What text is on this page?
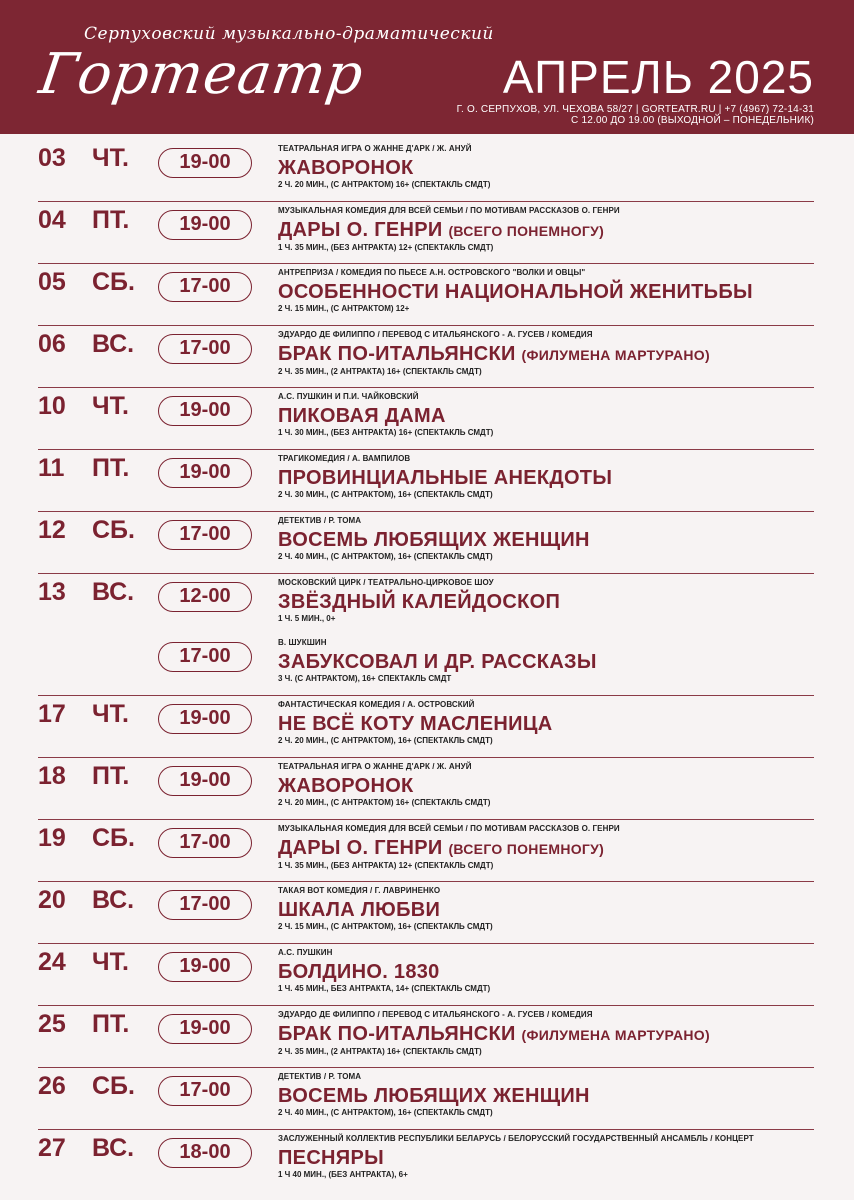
Серпуховский музыкально-драматический
Гортеатр	АПРЕЛЬ 2025
Г. О. СЕРПУХОВ, УЛ. ЧЕХОВА 58/27 | GORTEATR.RU | +7 (4967) 72-14-31
С 12.00 ДО 19.00 (ВЫХОДНОЙ – ПОНЕДЕЛЬНИК)
03 ЧТ.	19-00
ТЕАТРАЛЬНАЯ ИГРА О ЖАННЕ Д'АРК / Ж. АНУЙ
ЖАВОРОНОК
2 Ч. 20 МИН., (С АНТРАКТОМ) 16+ (СПЕКТАКЛЬ СМДТ)
04 ПТ.	19-00
МУЗЫКАЛЬНАЯ КОМЕДИЯ ДЛЯ ВСЕЙ СЕМЬИ / ПО МОТИВАМ РАССКАЗОВ О. ГЕНРИ
ДАРЫ О. ГЕНРИ (ВСЕГО ПОНЕМНОГУ)
1 Ч. 35 МИН., (БЕЗ АНТРАКТА) 12+ (СПЕКТАКЛЬ СМДТ)
05 СБ.	17-00
АНТРЕПРИЗА / КОМЕДИЯ ПО ПЬЕСЕ А.Н. ОСТРОВСКОГО "ВОЛКИ И ОВЦЫ"
ОСОБЕННОСТИ НАЦИОНАЛЬНОЙ ЖЕНИТЬБЫ
2 Ч. 15 МИН., (С АНТРАКТОМ) 12+
06 ВС.	17-00
ЭДУАРДО ДЕ ФИЛИППО / ПЕРЕВОД С ИТАЛЬЯНСКОГО - А. ГУСЕВ / КОМЕДИЯ
БРАК ПО-ИТАЛЬЯНСКИ (ФИЛУМЕНА МАРТУРАНО)
2 Ч. 35 МИН., (2 АНТРАКТА) 16+ (СПЕКТАКЛЬ СМДТ)
10 ЧТ.	19-00
А.С. ПУШКИН И П.И. ЧАЙКОВСКИЙ
ПИКОВАЯ ДАМА
1 Ч. 30 МИН., (БЕЗ АНТРАКТА) 16+ (СПЕКТАКЛЬ СМДТ)
11 ПТ.	19-00
ТРАГИКОМЕДИЯ / А. ВАМПИЛОВ
ПРОВИНЦИАЛЬНЫЕ АНЕКДОТЫ
2 Ч. 30 МИН., (С АНТРАКТОМ), 16+ (СПЕКТАКЛЬ СМДТ)
12 СБ.	17-00
ДЕТЕКТИВ / Р. ТОМА
ВОСЕМЬ ЛЮБЯЩИХ ЖЕНЩИН
2 Ч. 40 МИН., (С АНТРАКТОМ), 16+ (СПЕКТАКЛЬ СМДТ)
13 ВС.	12-00
МОСКОВСКИЙ ЦИРК / ТЕАТРАЛЬНО-ЦИРКОВОЕ ШОУ
ЗВЁЗДНЫЙ КАЛЕЙДОСКОП
1 Ч. 5 МИН., 0+
17-00
В. ШУКШИН
ЗАБУКСОВАЛ И ДР. РАССКАЗЫ
3 Ч. (С АНТРАКТОМ), 16+ СПЕКТАКЛЬ СМДТ
17 ЧТ.	19-00
ФАНТАСТИЧЕСКАЯ КОМЕДИЯ / А. ОСТРОВСКИЙ
НЕ ВСЁ КОТУ МАСЛЕНИЦА
2 Ч. 20 МИН., (С АНТРАКТОМ), 16+ (СПЕКТАКЛЬ СМДТ)
18 ПТ.	19-00
ТЕАТРАЛЬНАЯ ИГРА О ЖАННЕ Д'АРК / Ж. АНУЙ
ЖАВОРОНОК
2 Ч. 20 МИН., (С АНТРАКТОМ) 16+ (СПЕКТАКЛЬ СМДТ)
19 СБ.	17-00
МУЗЫКАЛЬНАЯ КОМЕДИЯ ДЛЯ ВСЕЙ СЕМЬИ / ПО МОТИВАМ РАССКАЗОВ О. ГЕНРИ
ДАРЫ О. ГЕНРИ (ВСЕГО ПОНЕМНОГУ)
1 Ч. 35 МИН., (БЕЗ АНТРАКТА) 12+ (СПЕКТАКЛЬ СМДТ)
20 ВС.	17-00
ТАКАЯ ВОТ КОМЕДИЯ / Г. ЛАВРИНЕНКО
ШКАЛА ЛЮБВИ
2 Ч. 15 МИН., (С АНТРАКТОМ), 16+ (СПЕКТАКЛЬ СМДТ)
24 ЧТ.	19-00
А.С. ПУШКИН
БОЛДИНО. 1830
1 Ч. 45 МИН., БЕЗ АНТРАКТА, 14+ (СПЕКТАКЛЬ СМДТ)
25 ПТ.	19-00
ЭДУАРДО ДЕ ФИЛИППО / ПЕРЕВОД С ИТАЛЬЯНСКОГО - А. ГУСЕВ / КОМЕДИЯ
БРАК ПО-ИТАЛЬЯНСКИ (ФИЛУМЕНА МАРТУРАНО)
2 Ч. 35 МИН., (2 АНТРАКТА) 16+ (СПЕКТАКЛЬ СМДТ)
26 СБ.	17-00
ДЕТЕКТИВ / Р. ТОМА
ВОСЕМЬ ЛЮБЯЩИХ ЖЕНЩИН
2 Ч. 40 МИН., (С АНТРАКТОМ), 16+ (СПЕКТАКЛЬ СМДТ)
27 ВС.	18-00
ЗАСЛУЖЕННЫЙ КОЛЛЕКТИВ РЕСПУБЛИКИ БЕЛАРУСЬ / БЕЛОРУССКИЙ ГОСУДАРСТВЕННЫЙ АНСАМБЛЬ / КОНЦЕРТ
ПЕСНЯРЫ
1 Ч 40 МИН., (БЕЗ АНТРАКТА), 6+
